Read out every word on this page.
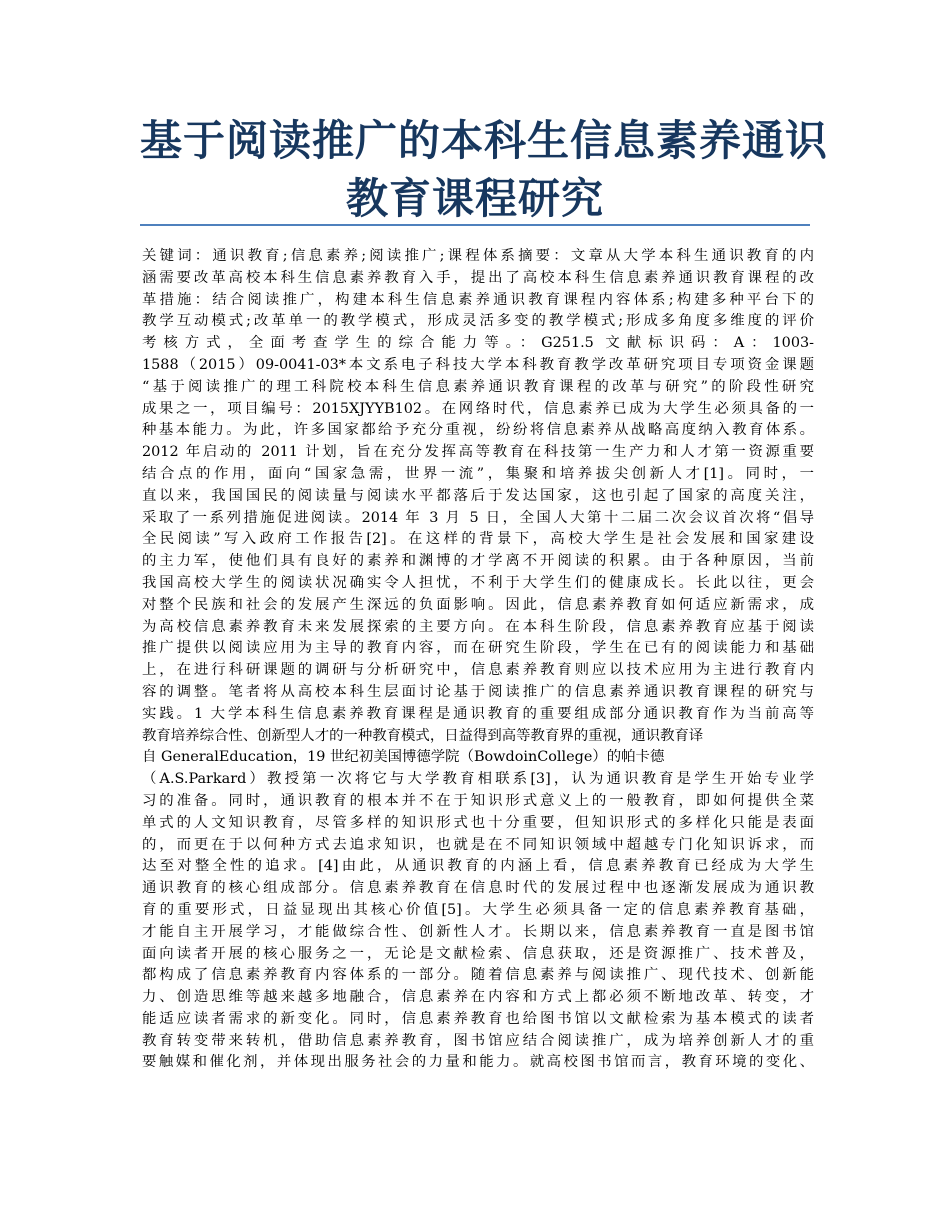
基于阅读推广的本科生信息素养通识
教育课程研究
关键词：通识教育;信息素养;阅读推广;课程体系摘要：文章从大学本科生通识教育的内
涵需要改革高校本科生信息素养教育入手，提出了高校本科生信息素养通识教育课程的改
革措施：结合阅读推广，构建本科生信息素养通识教育课程内容体系;构建多种平台下的
教学互动模式;改革单一的教学模式，形成灵活多变的教学模式;形成多角度多维度的评价
考核方式，全面考查学生的综合能力等。：G251.5 文献标识码：A：1003-
1588（2015）09-0041-03*本文系电子科技大学本科教育教学改革研究项目专项资金课题
“基于阅读推广的理工科院校本科生信息素养通识教育课程的改革与研究”的阶段性研究
成果之一，项目编号：2015XJYYB102。在网络时代，信息素养已成为大学生必须具备的一
种基本能力。为此，许多国家都给予充分重视，纷纷将信息素养从战略高度纳入教育体系。
2012 年启动的 2011 计划，旨在充分发挥高等教育在科技第一生产力和人才第一资源重要
结合点的作用，面向“国家急需，世界一流”，集聚和培养拔尖创新人才[1]。同时，一
直以来，我国国民的阅读量与阅读水平都落后于发达国家，这也引起了国家的高度关注，
采取了一系列措施促进阅读。2014 年 3 月 5 日，全国人大第十二届二次会议首次将“倡导
全民阅读”写入政府工作报告[2]。在这样的背景下，高校大学生是社会发展和国家建设
的主力军，使他们具有良好的素养和渊博的才学离不开阅读的积累。由于各种原因，当前
我国高校大学生的阅读状况确实令人担忧，不利于大学生们的健康成长。长此以往，更会
对整个民族和社会的发展产生深远的负面影响。因此，信息素养教育如何适应新需求，成
为高校信息素养教育未来发展探索的主要方向。在本科生阶段，信息素养教育应基于阅读
推广提供以阅读应用为主导的教育内容，而在研究生阶段，学生在已有的阅读能力和基础
上，在进行科研课题的调研与分析研究中，信息素养教育则应以技术应用为主进行教育内
容的调整。笔者将从高校本科生层面讨论基于阅读推广的信息素养通识教育课程的研究与
实践。1 大学本科生信息素养教育课程是通识教育的重要组成部分通识教育作为当前高等
教育培养综合性、创新型人才的一种教育模式，日益得到高等教育界的重视，通识教育译
自 GeneralEducation，19 世纪初美国博德学院（BowdoinCollege）的帕卡德
（A.S.Parkard）教授第一次将它与大学教育相联系[3]，认为通识教育是学生开始专业学
习的准备。同时，通识教育的根本并不在于知识形式意义上的一般教育，即如何提供全菜
单式的人文知识教育，尽管多样的知识形式也十分重要，但知识形式的多样化只能是表面
的，而更在于以何种方式去追求知识，也就是在不同知识领域中超越专门化知识诉求，而
达至对整全性的追求。[4]由此，从通识教育的内涵上看，信息素养教育已经成为大学生
通识教育的核心组成部分。信息素养教育在信息时代的发展过程中也逐渐发展成为通识教
育的重要形式，日益显现出其核心价值[5]。大学生必须具备一定的信息素养教育基础，
才能自主开展学习，才能做综合性、创新性人才。长期以来，信息素养教育一直是图书馆
面向读者开展的核心服务之一，无论是文献检索、信息获取，还是资源推广、技术普及，
都构成了信息素养教育内容体系的一部分。随着信息素养与阅读推广、现代技术、创新能
力、创造思维等越来越多地融合，信息素养在内容和方式上都必须不断地改革、转变，才
能适应读者需求的新变化。同时，信息素养教育也给图书馆以文献检索为基本模式的读者
教育转变带来转机，借助信息素养教育，图书馆应结合阅读推广，成为培养创新人才的重
要触媒和催化剂，并体现出服务社会的力量和能力。就高校图书馆而言，教育环境的变化、
